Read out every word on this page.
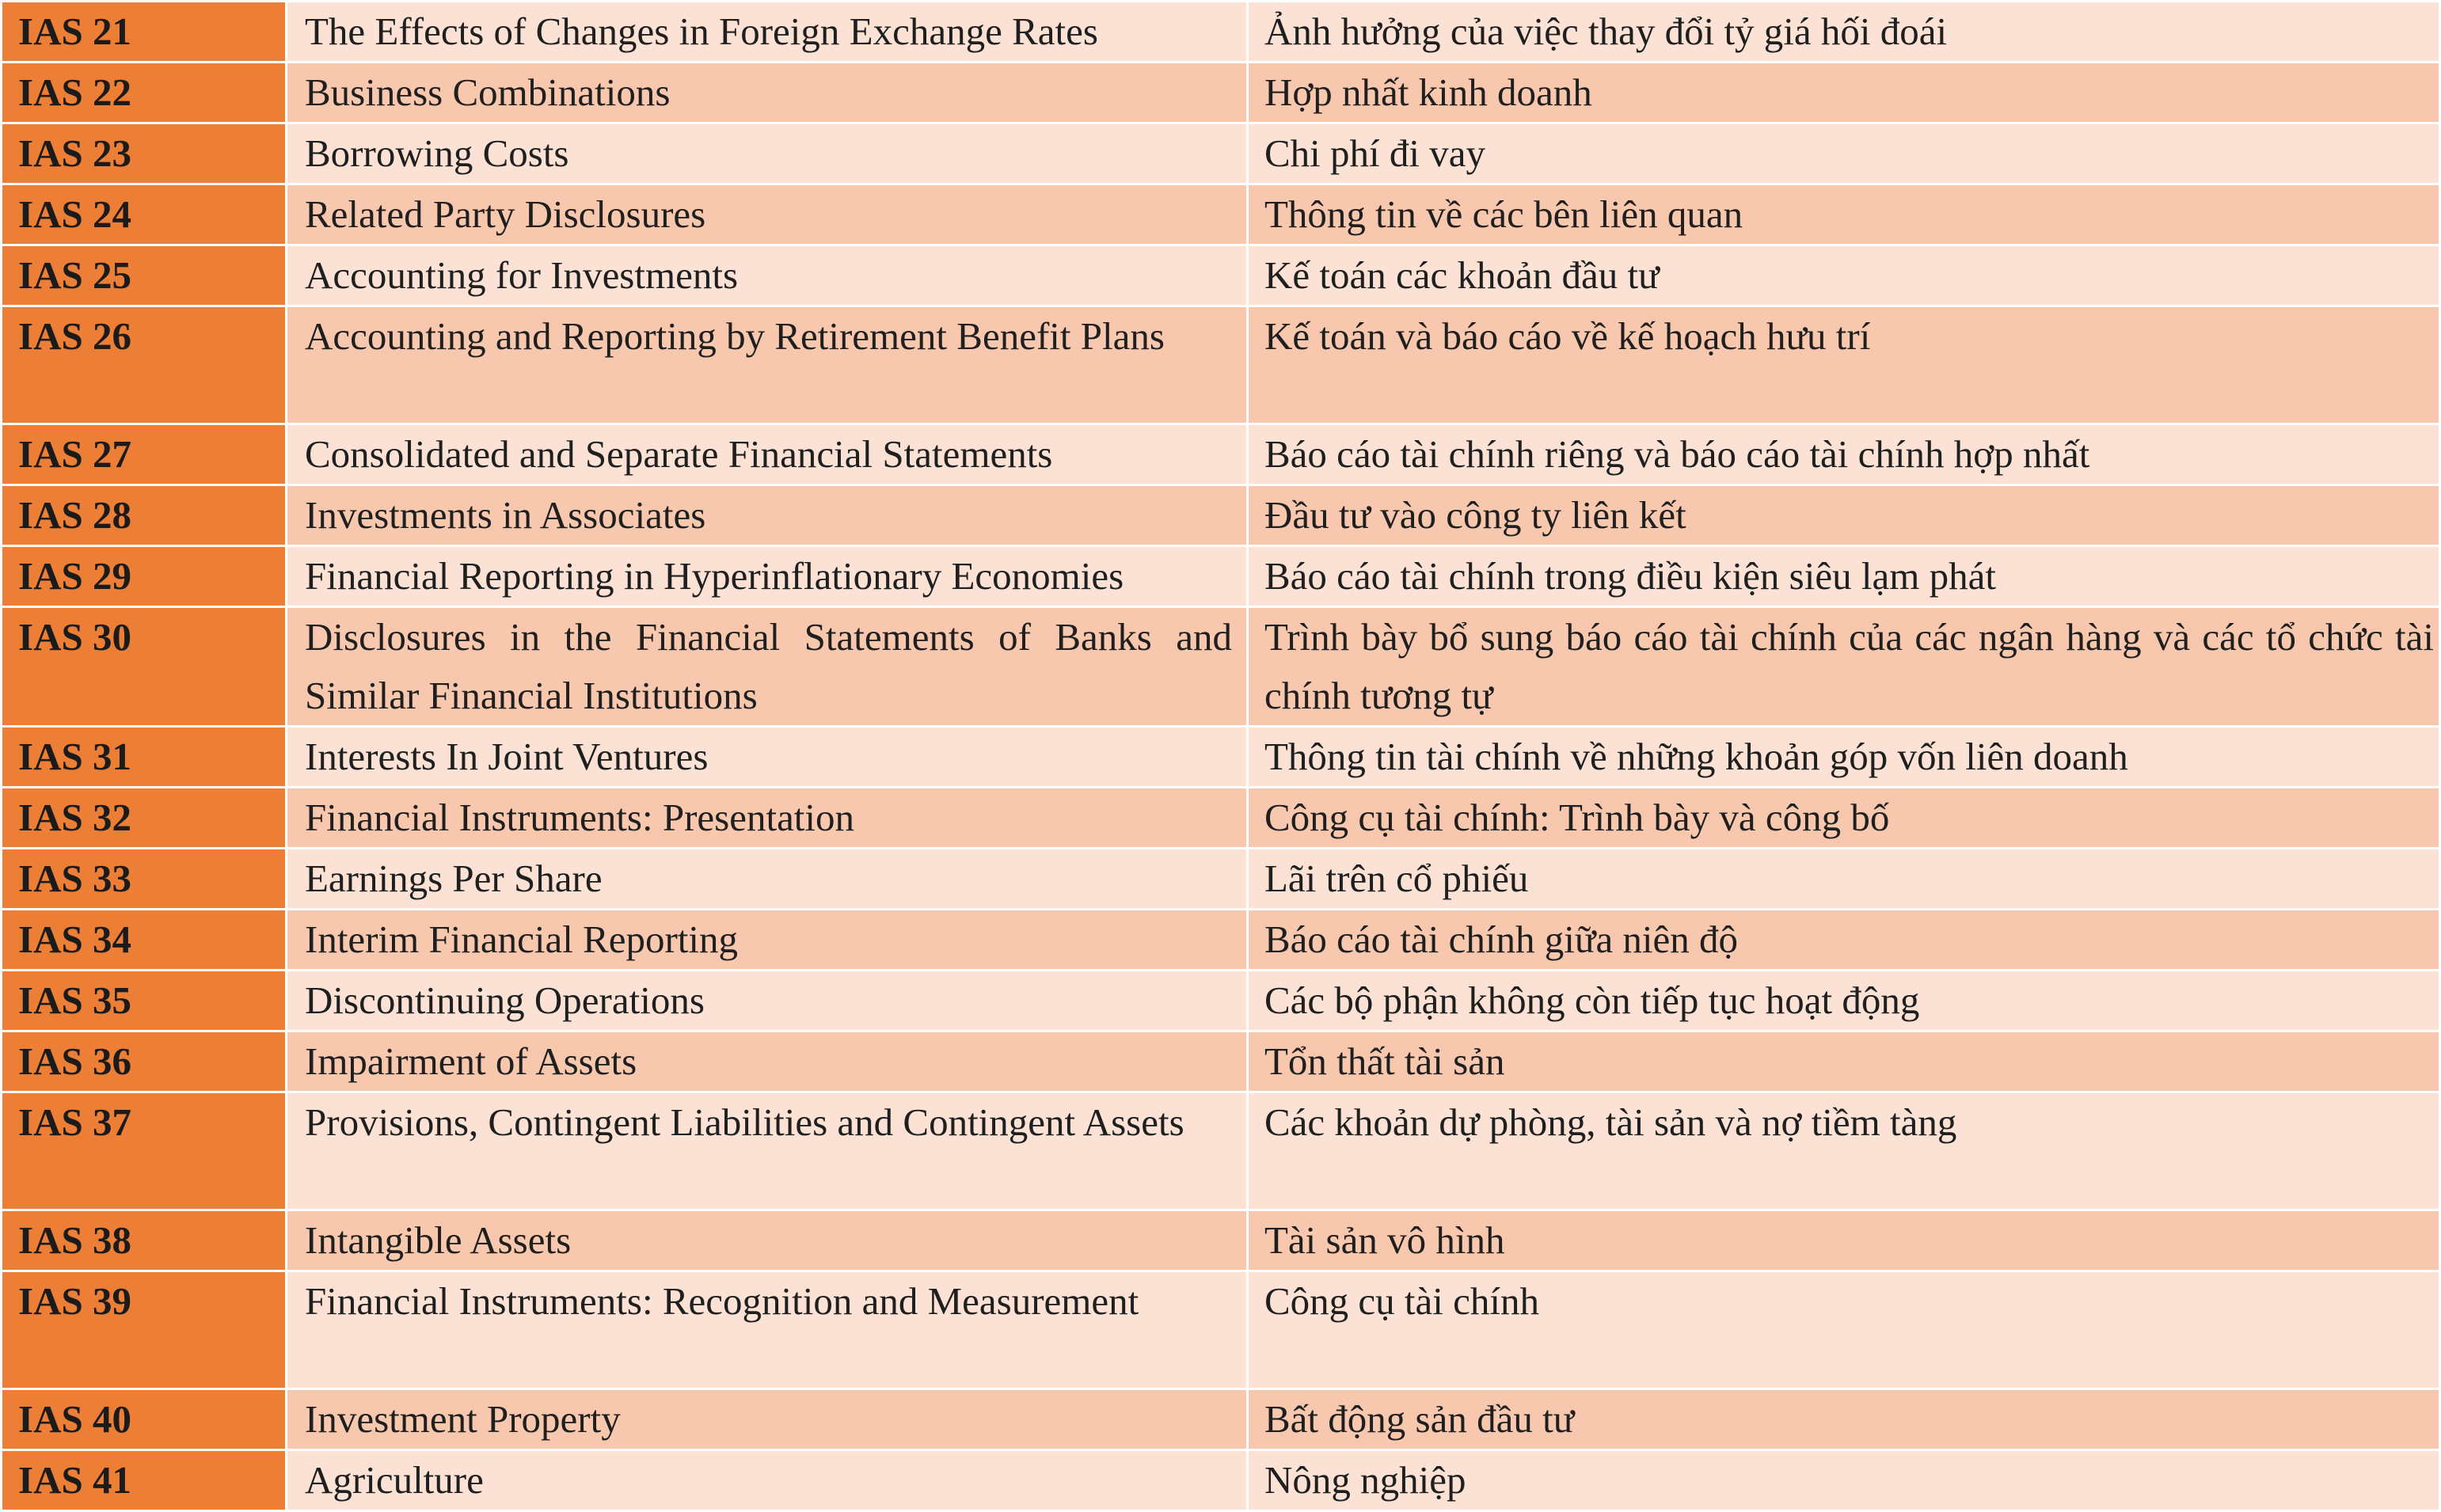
IAS 21	The Effects of Changes in Foreign Exchange Rates	Ảnh hưởng của việc thay đổi tỷ giá hối đoái
IAS 22	Business Combinations	Hợp nhất kinh doanh
IAS 23	Borrowing Costs	Chi phí đi vay
IAS 24	Related Party Disclosures	Thông tin về các bên liên quan
IAS 25	Accounting for Investments	Kế toán các khoản đầu tư
IAS 26	Accounting and Reporting by Retirement Benefit Plans	Kế toán và báo cáo về kế hoạch hưu trí
IAS 27	Consolidated and Separate Financial Statements	Báo cáo tài chính riêng và báo cáo tài chính hợp nhất
IAS 28	Investments in Associates	Đầu tư vào công ty liên kết
IAS 29	Financial Reporting in Hyperinflationary Economies	Báo cáo tài chính trong điều kiện siêu lạm phát
IAS 30	Disclosures in the Financial Statements of Banks and Similar Financial Institutions	Trình bày bổ sung báo cáo tài chính của các ngân hàng và các tổ chức tài chính tương tự
IAS 31	Interests In Joint Ventures	Thông tin tài chính về những khoản góp vốn liên doanh
IAS 32	Financial Instruments: Presentation	Công cụ tài chính: Trình bày và công bố
IAS 33	Earnings Per Share	Lãi trên cổ phiếu
IAS 34	Interim Financial Reporting	Báo cáo tài chính giữa niên độ
IAS 35	Discontinuing Operations	Các bộ phận không còn tiếp tục hoạt động
IAS 36	Impairment of Assets	Tổn thất tài sản
IAS 37	Provisions, Contingent Liabilities and Contingent Assets	Các khoản dự phòng, tài sản và nợ tiềm tàng
IAS 38	Intangible Assets	Tài sản vô hình
IAS 39	Financial Instruments: Recognition and Measurement	Công cụ tài chính
IAS 40	Investment Property	Bất động sản đầu tư
IAS 41	Agriculture	Nông nghiệp
